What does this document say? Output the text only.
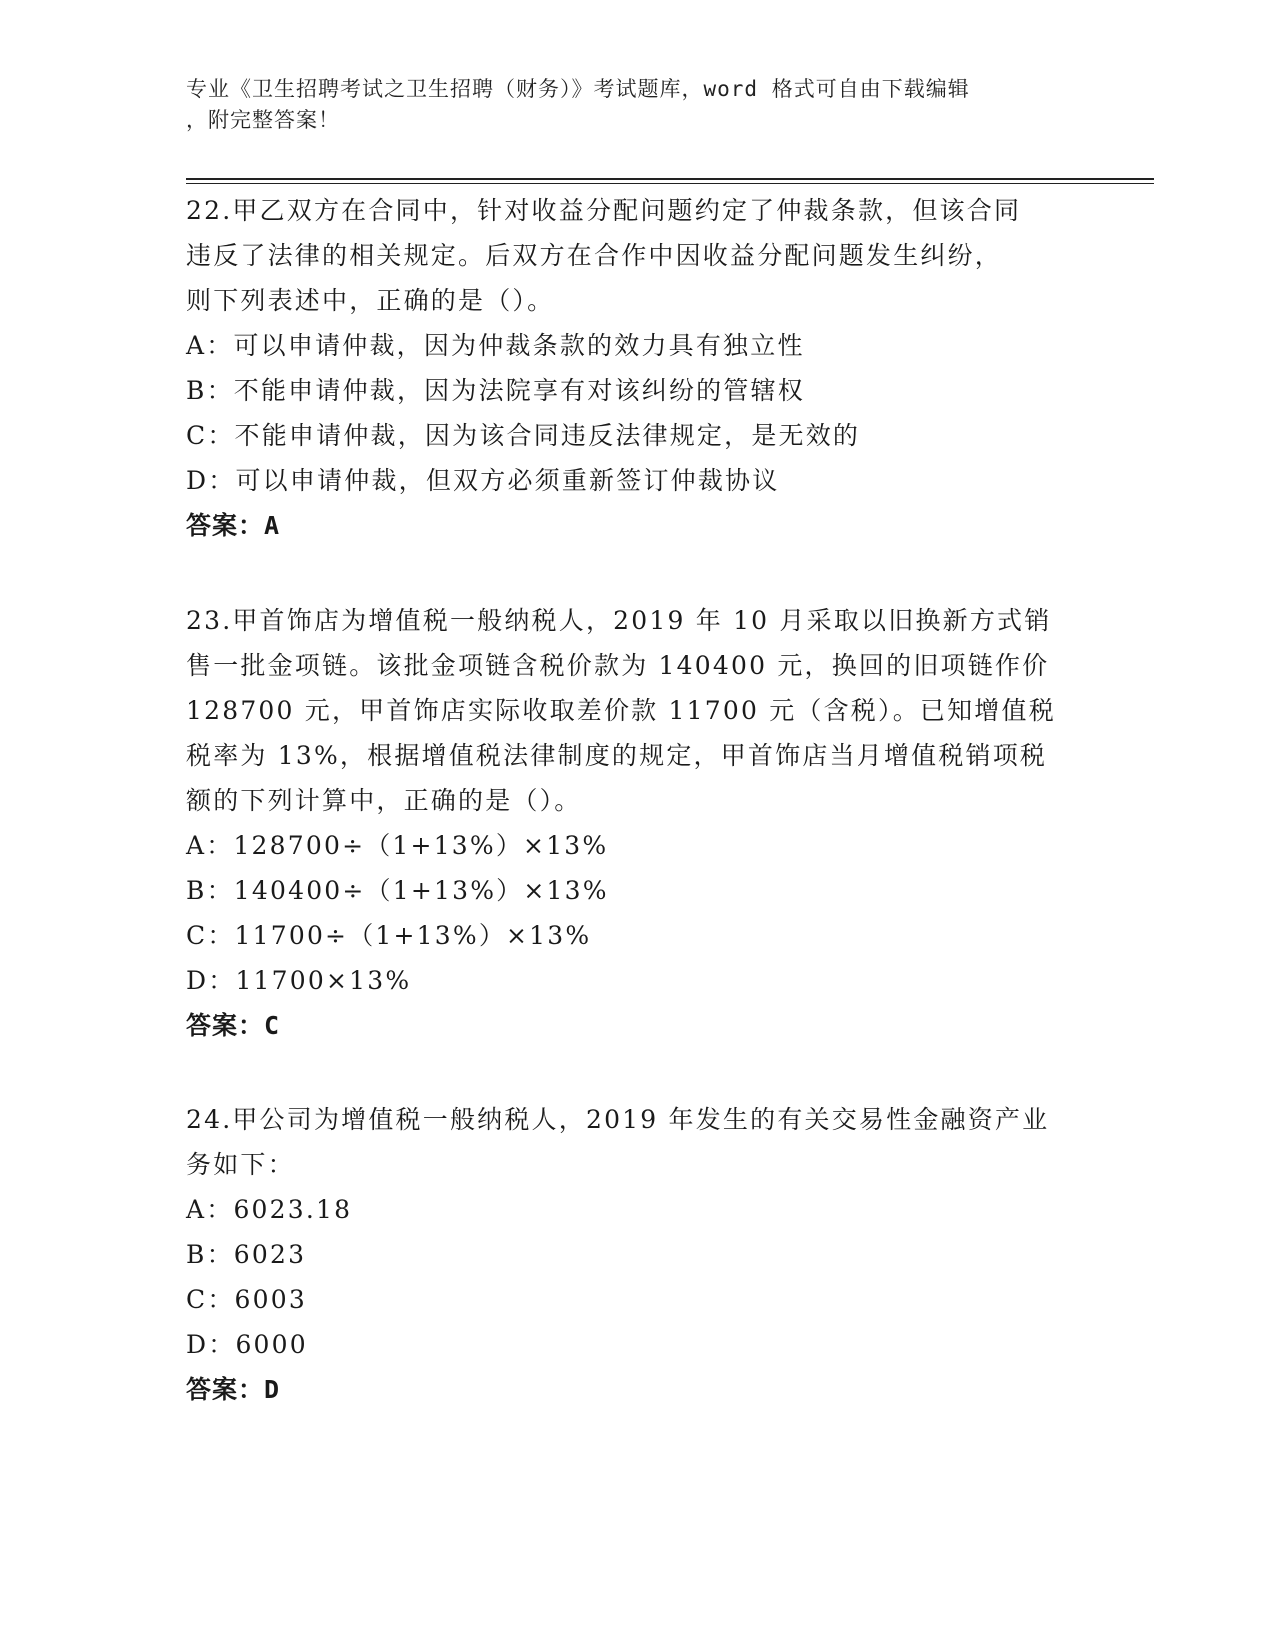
专业《卫生招聘考试之卫生招聘（财务）》考试题库，word 格式可自由下载编辑
，附完整答案！
22.甲乙双方在合同中，针对收益分配问题约定了仲裁条款，但该合同
违反了法律的相关规定。后双方在合作中因收益分配问题发生纠纷，
则下列表述中，正确的是（）。
A：可以申请仲裁，因为仲裁条款的效力具有独立性
B：不能申请仲裁，因为法院享有对该纠纷的管辖权
C：不能申请仲裁，因为该合同违反法律规定，是无效的
D：可以申请仲裁，但双方必须重新签订仲裁协议
答案：A
23.甲首饰店为增值税一般纳税人，2019 年 10 月采取以旧换新方式销
售一批金项链。该批金项链含税价款为 140400 元，换回的旧项链作价
128700 元，甲首饰店实际收取差价款 11700 元（含税）。已知增值税
税率为 13%，根据增值税法律制度的规定，甲首饰店当月增值税销项税
额的下列计算中，正确的是（）。
A：128700÷（1+13%）×13%
B：140400÷（1+13%）×13%
C：11700÷（1+13%）×13%
D：11700×13%
答案：C
24.甲公司为增值税一般纳税人，2019 年发生的有关交易性金融资产业
务如下：
A：6023.18
B：6023
C：6003
D：6000
答案：D
